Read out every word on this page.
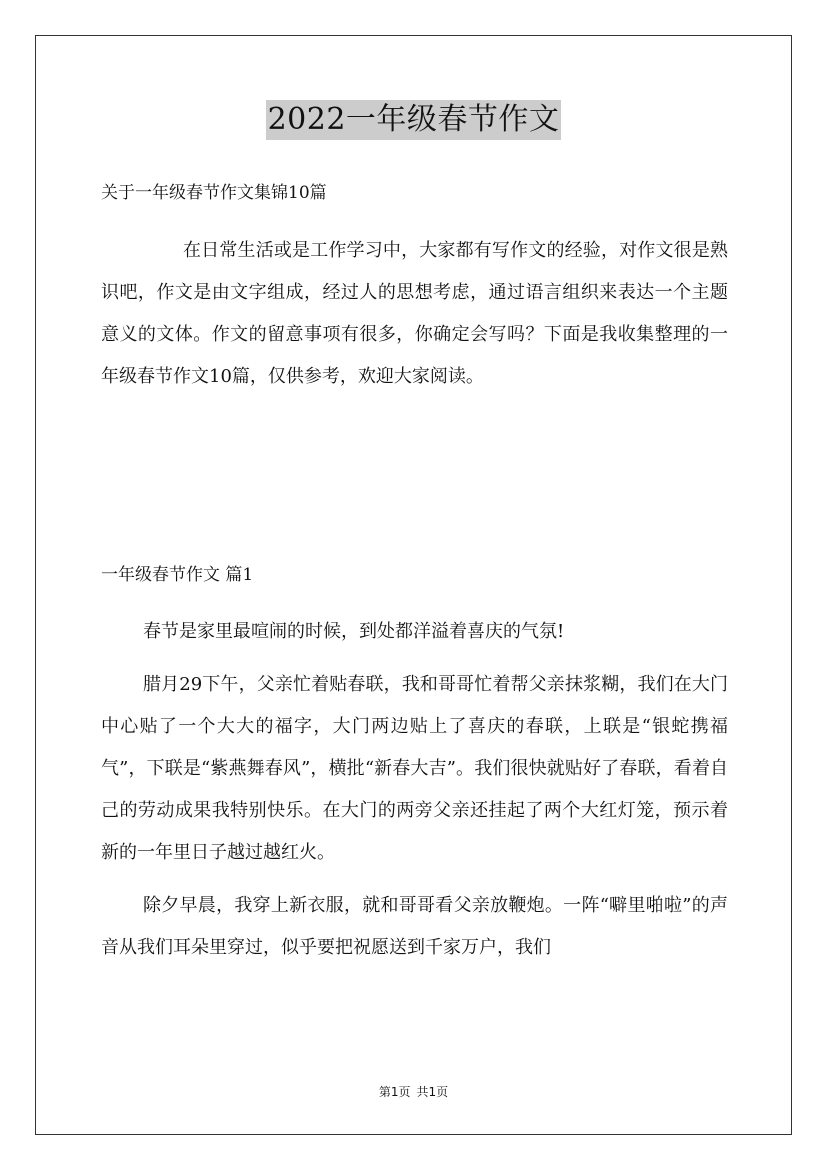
2022一年级春节作文
关于一年级春节作文集锦10篇

在日常生活或是工作学习中，大家都有写作文的经验，对作文很是熟识吧，作文是由文字组成，经过人的思想考虑，通过语言组织来表达一个主题意义的文体。作文的留意事项有很多，你确定会写吗？下面是我收集整理的一年级春节作文10篇，仅供参考，欢迎大家阅读。

一年级春节作文 篇1

春节是家里最喧闹的时候，到处都洋溢着喜庆的气氛!

腊月29下午，父亲忙着贴春联，我和哥哥忙着帮父亲抹浆糊，我们在大门中心贴了一个大大的福字，大门两边贴上了喜庆的春联，上联是“银蛇携福气”，下联是“紫燕舞春风”，横批“新春大吉”。我们很快就贴好了春联，看着自己的劳动成果我特别快乐。在大门的两旁父亲还挂起了两个大红灯笼，预示着新的一年里日子越过越红火。

除夕早晨，我穿上新衣服，就和哥哥看父亲放鞭炮。一阵“噼里啪啦”的声音从我们耳朵里穿过，似乎要把祝愿送到千家万户，我们

第1页 共1页
